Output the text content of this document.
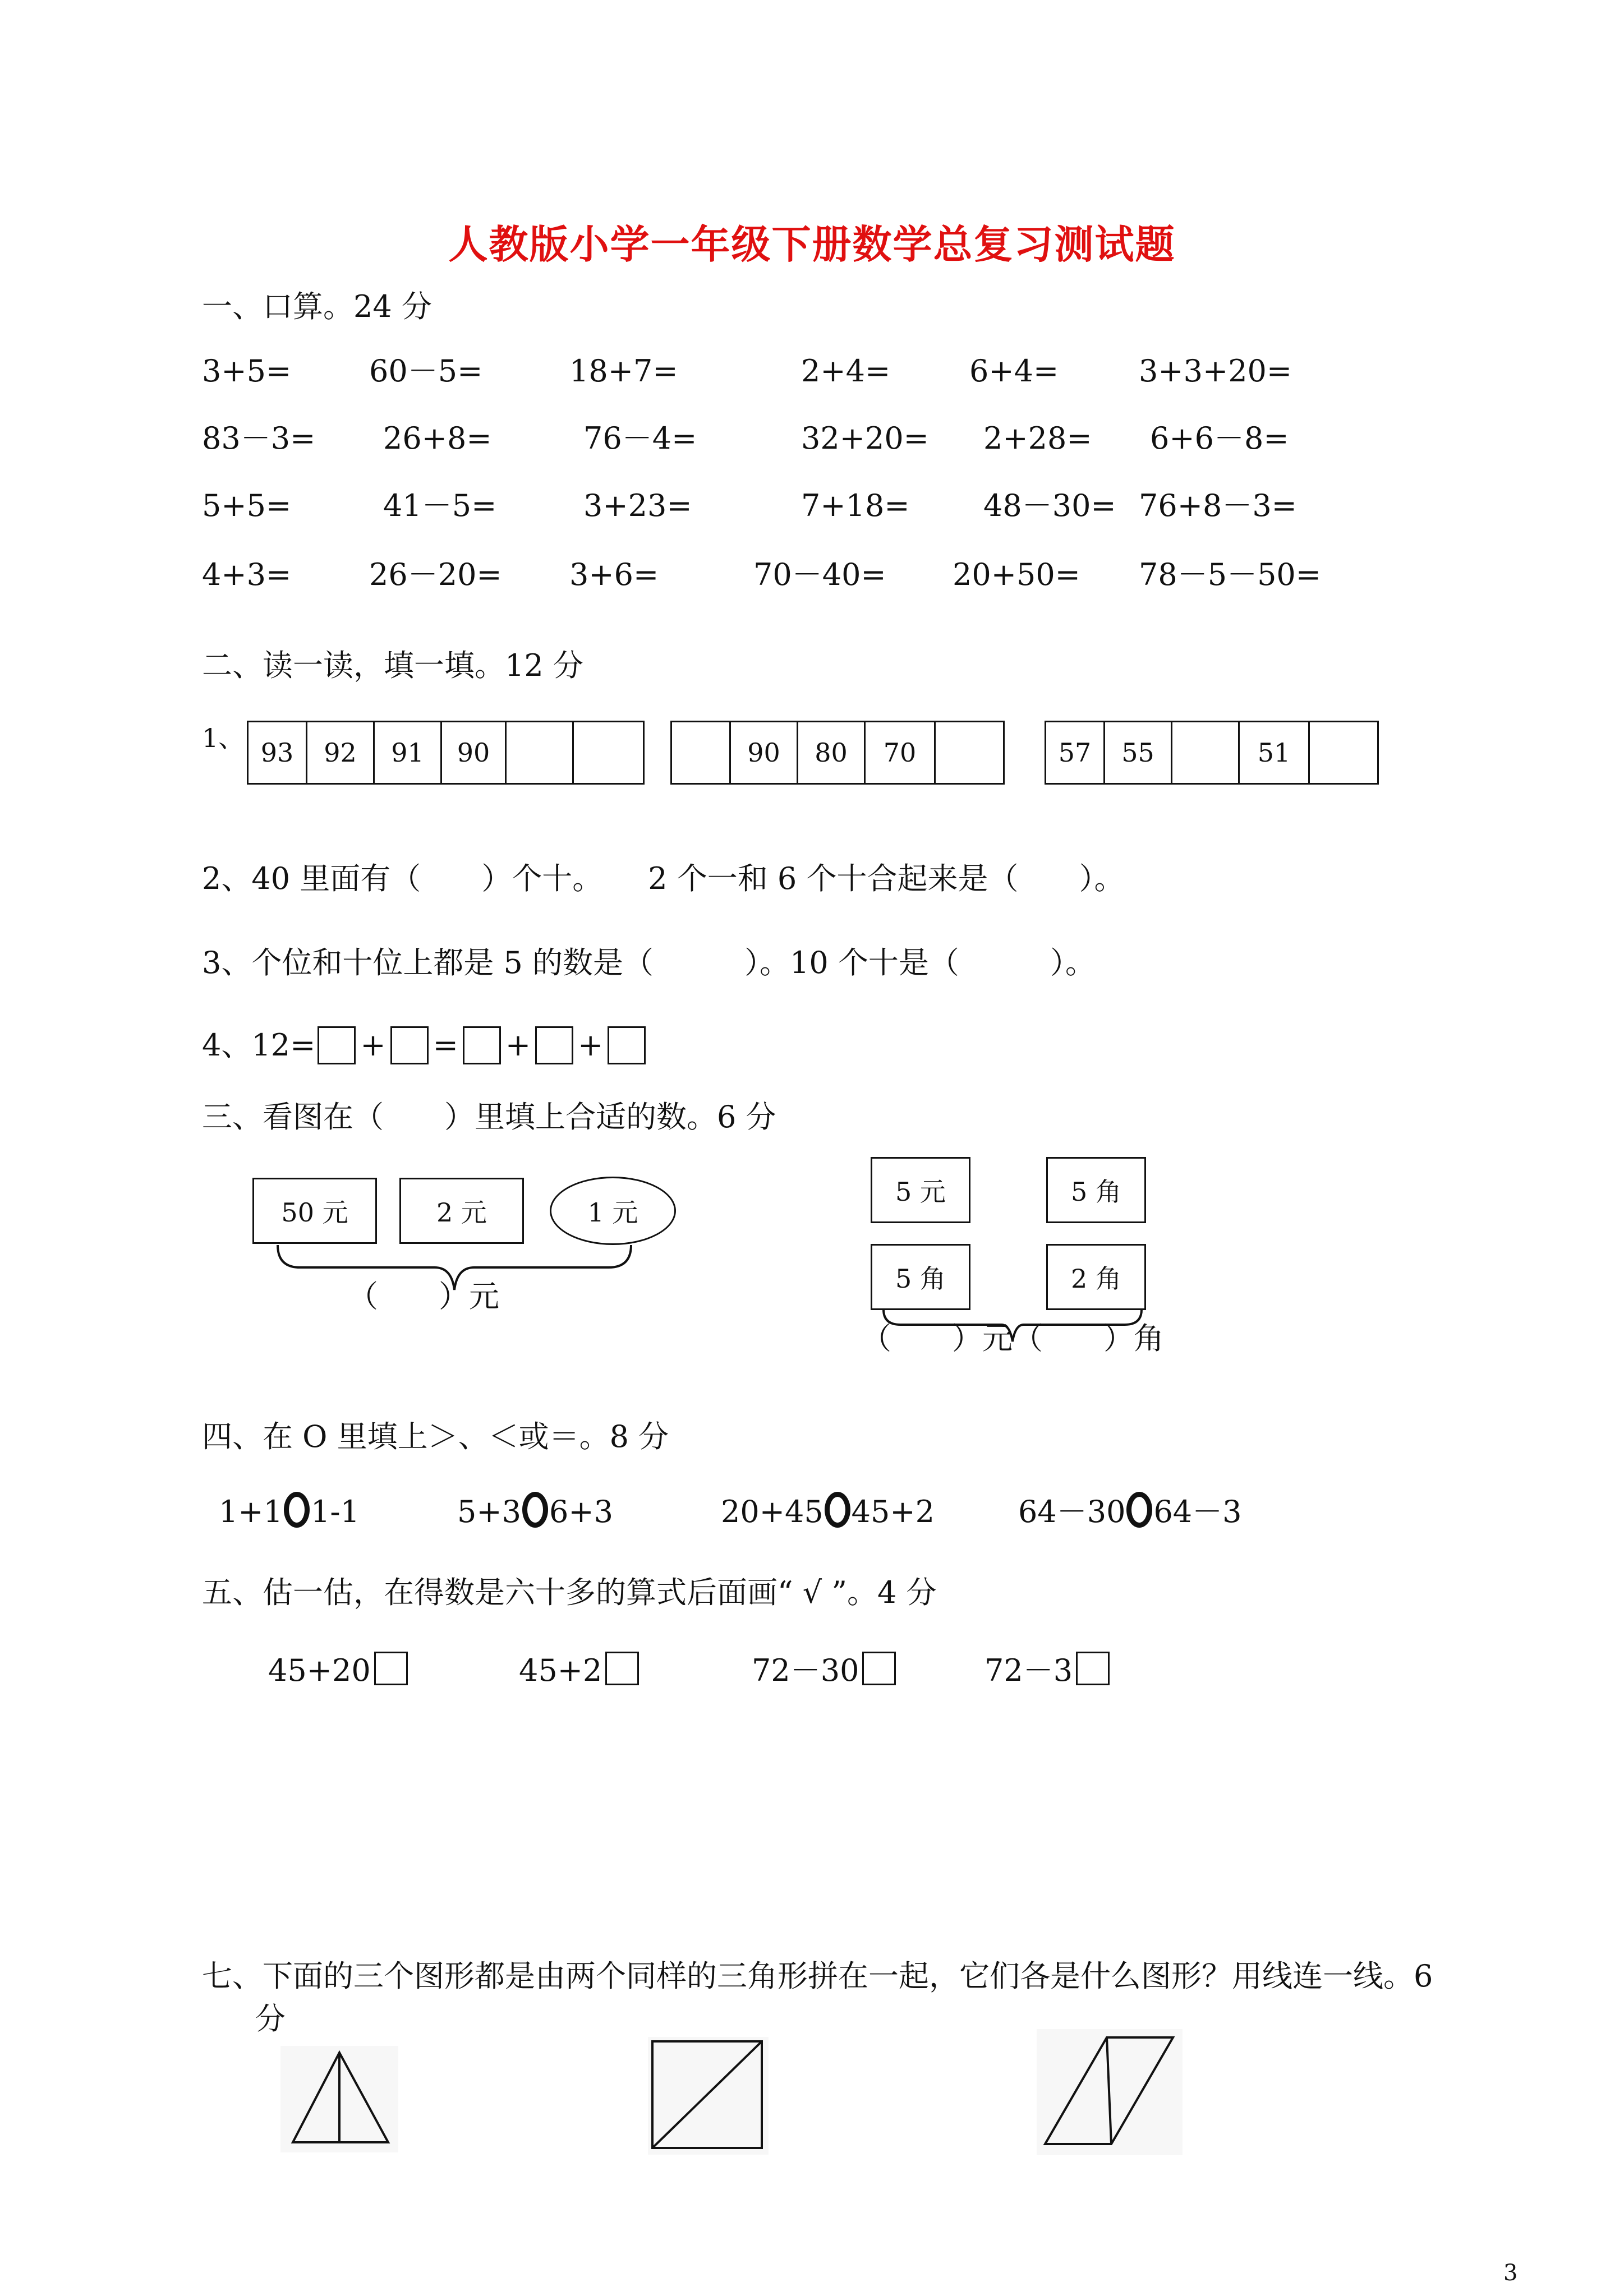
人教版小学一年级下册数学总复习测试题
一、口算。24 分
3+5=	60－5=	18+7=	2+4=	6+4=	3+3+20=
83－3= 26+8=	76－4=	32+20= 2+28= 6+6－8=
5+5=	41－5=	3+23=	7+18= 48－30= 76+8－3=
4+3=	26－20= 3+6=	70－40= 20+50= 78－5－50=
二、读一读，填一填。12 分
1、 93	92	91	90	90	80	70	57	55	51
2、40 里面有（　　）个十。　　2 个一和 6 个十合起来是（　　）。
3、个位和十位上都是 5 的数是（　　　）。10 个十是（　　　）。
4、12= + = + +
三、看图在（　　）里填上合适的数。6 分
50 元	2 元	1 元
（　　）元
5 元	5 角
5 角	2 角
（　　）元（　　）角
四、在 O 里填上＞、＜或＝。8 分
1+1 1-1	5+3 6+3	20+45 45+2	64－30 64－3
五、估一估，在得数是六十多的算式后面画“ √ ”。4 分
45+20	45+2	72－30	72－3
七、下面的三个图形都是由两个同样的三角形拼在一起，它们各是什么图形？用线连一线。6
分
3
